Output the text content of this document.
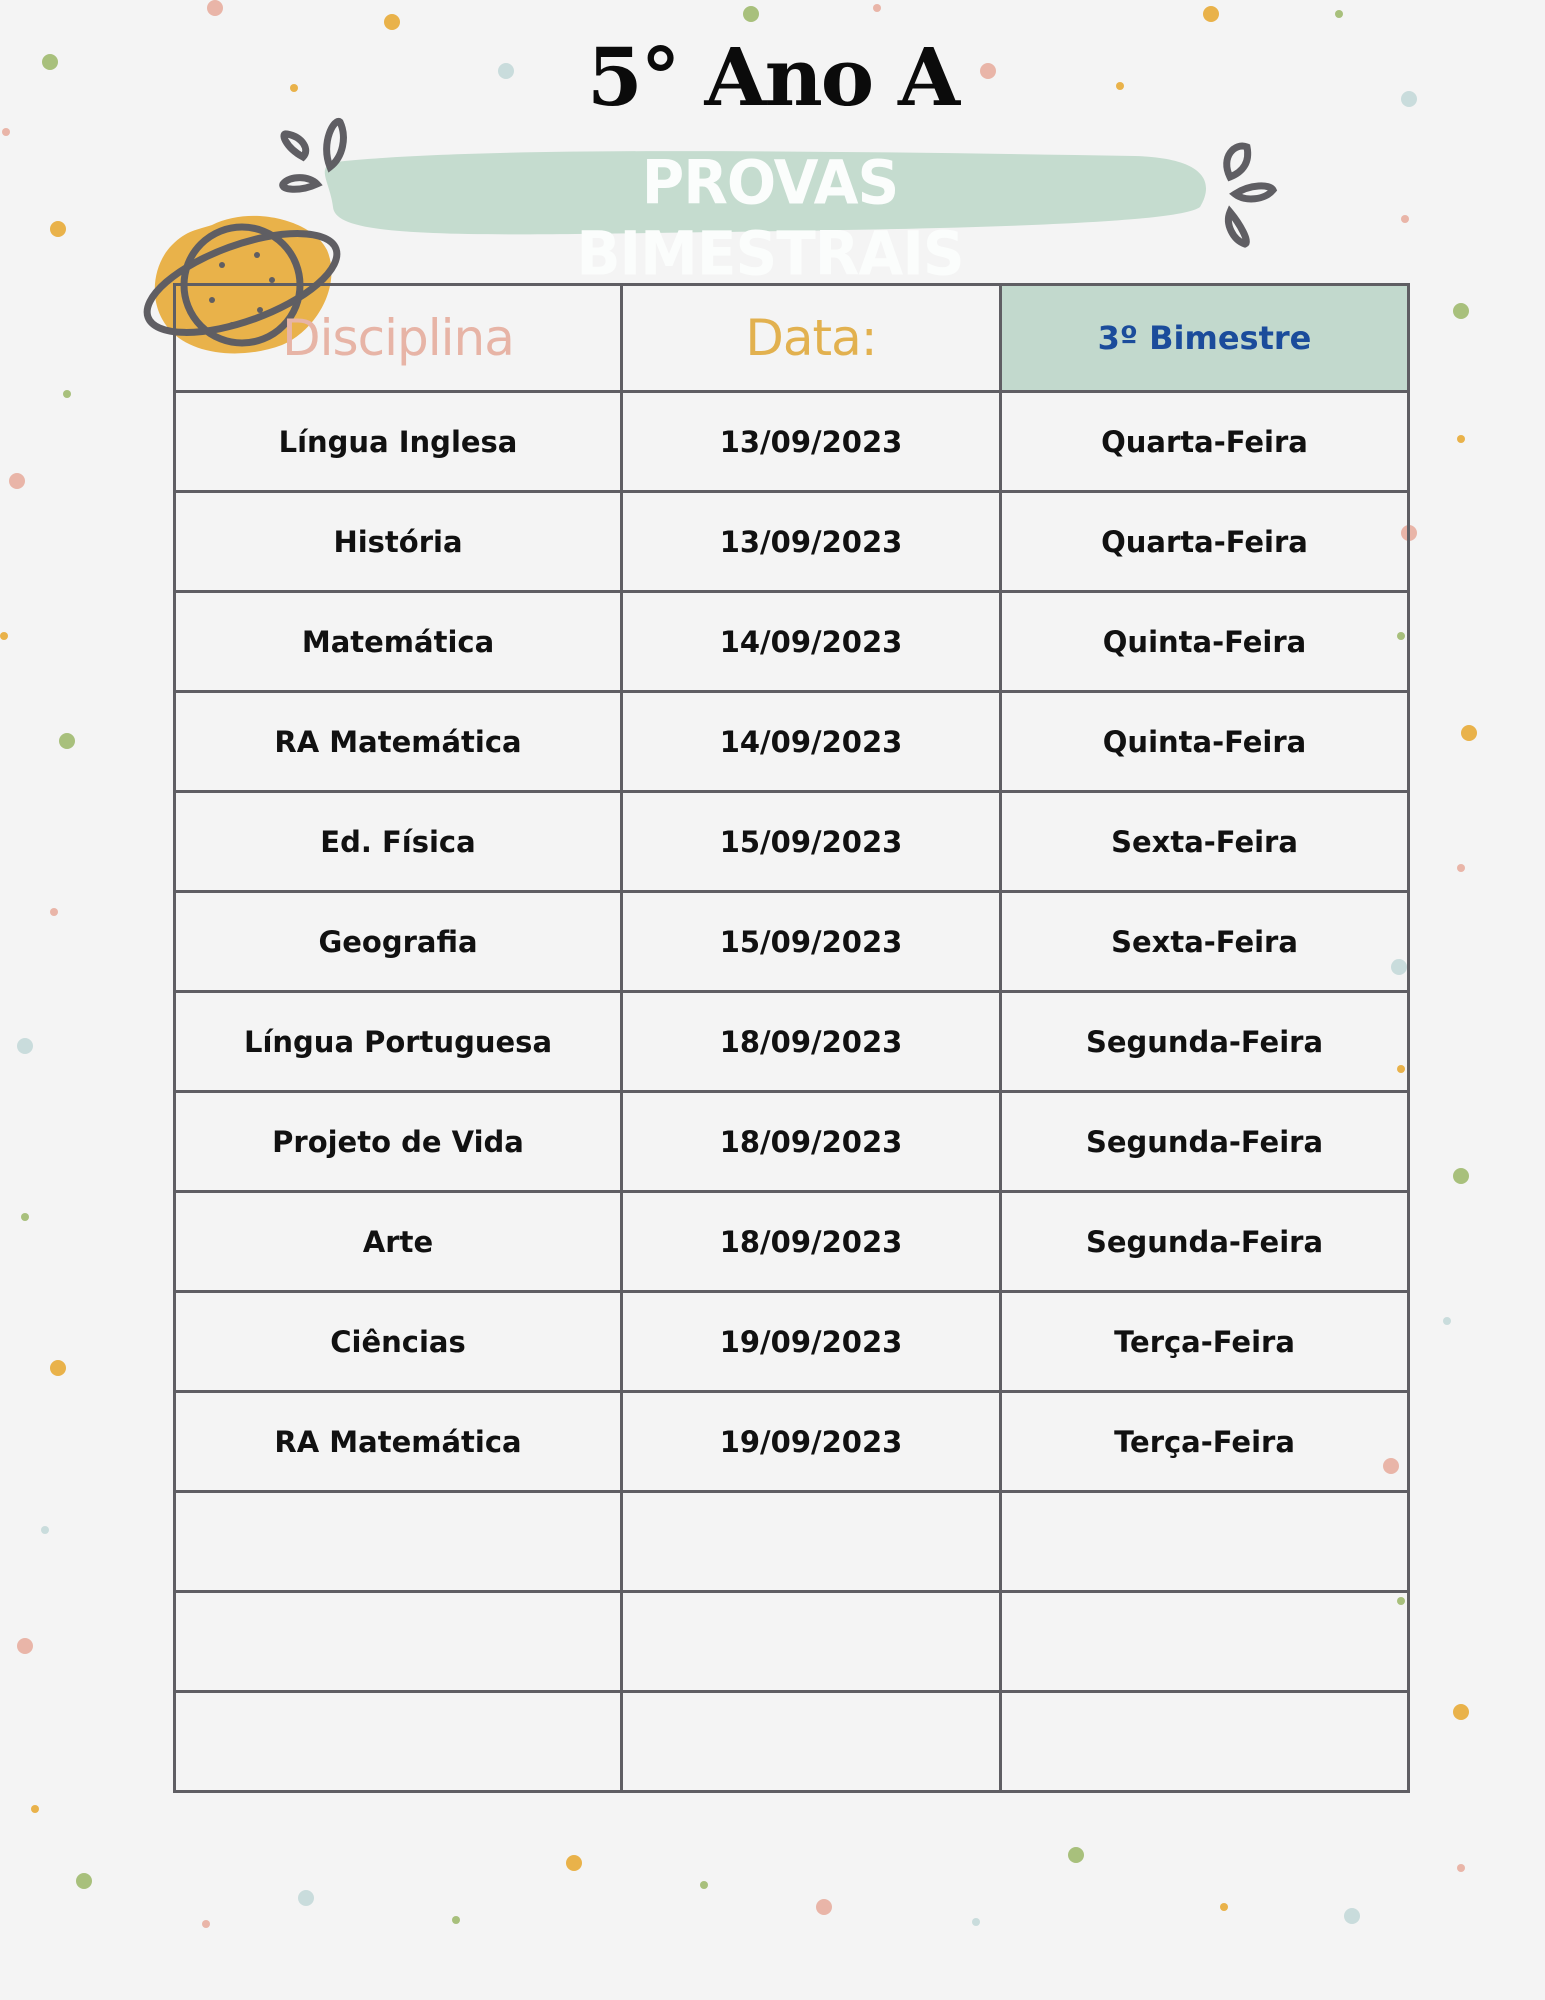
5° Ano A
PROVAS BIMESTRAIS
Disciplina	Data:	3º Bimestre
Língua Inglesa	13/09/2023	Quarta-Feira
História	13/09/2023	Quarta-Feira
Matemática	14/09/2023	Quinta-Feira
RA Matemática	14/09/2023	Quinta-Feira
Ed. Física	15/09/2023	Sexta-Feira
Geografia	15/09/2023	Sexta-Feira
Língua Portuguesa	18/09/2023	Segunda-Feira
Projeto de Vida	18/09/2023	Segunda-Feira
Arte	18/09/2023	Segunda-Feira
Ciências	19/09/2023	Terça-Feira
RA Matemática	19/09/2023	Terça-Feira
